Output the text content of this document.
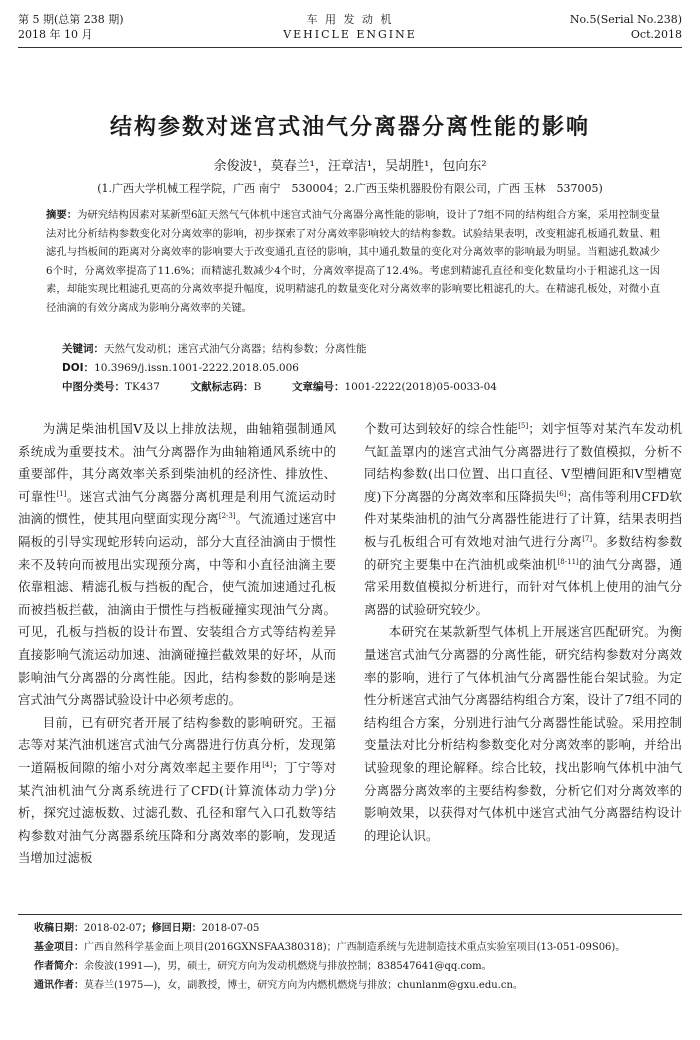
第 5 期(总第 238 期)
2018 年 10 月
车 用 发 动 机
VEHICLE ENGINE
No.5(Serial No.238)
Oct.2018
结构参数对迷宫式油气分离器分离性能的影响
余俊波¹，莫春兰¹，汪章洁¹，吴胡胜¹，包向东²
(1.广西大学机械工程学院，广西 南宁　530004；2.广西玉柴机器股份有限公司，广西 玉林　537005)
摘要：为研究结构因素对某新型6缸天然气气体机中迷宫式油气分离器分离性能的影响，设计了7组不同的结构组合方案，采用控制变量法对比分析结构参数变化对分离效率的影响，初步探索了对分离效率影响较大的结构参数。试验结果表明，改变粗滤孔板通孔数量、粗滤孔与挡板间的距离对分离效率的影响要大于改变通孔直径的影响，其中通孔数量的变化对分离效率的影响最为明显。当粗滤孔数减少6个时，分离效率提高了11.6%；而精滤孔数减少4个时，分离效率提高了12.4%。考虑到精滤孔直径和变化数量均小于粗滤孔这一因素，却能实现比粗滤孔更高的分离效率提升幅度，说明精滤孔的数量变化对分离效率的影响要比粗滤孔的大。在精滤孔板处，对微小直径油滴的有效分离成为影响分离效率的关键。
关键词：天然气发动机；迷宫式油气分离器；结构参数；分离性能
DOI：10.3969/j.issn.1001-2222.2018.05.006
中图分类号：TK437	文献标志码：B	文章编号：1001-2222(2018)05-0033-04

为满足柴油机国Ⅴ及以上排放法规，曲轴箱强制通风系统成为重要技术。油气分离器作为曲轴箱通风系统中的重要部件，其分离效率关系到柴油机的经济性、排放性、可靠性[1]。迷宫式油气分离器分离机理是利用气流运动时油滴的惯性，使其甩向壁面实现分离[2-3]。气流通过迷宫中隔板的引导实现蛇形转向运动，部分大直径油滴由于惯性来不及转向而被甩出实现预分离，中等和小直径油滴主要依靠粗滤、精滤孔板与挡板的配合，使气流加速通过孔板而被挡板拦截，油滴由于惯性与挡板碰撞实现油气分离。可见，孔板与挡板的设计布置、安装组合方式等结构差异直接影响气流运动加速、油滴碰撞拦截效果的好坏，从而影响油气分离器的分离性能。因此，结构参数的影响是迷宫式油气分离器试验设计中必须考虑的。

目前，已有研究者开展了结构参数的影响研究。王福志等对某汽油机迷宫式油气分离器进行仿真分析，发现第一道隔板间隙的缩小对分离效率起主要作用[4]；丁宁等对某汽油机油气分离系统进行了CFD(计算流体动力学)分析，探究过滤板数、过滤孔数、孔径和窜气入口孔数等结构参数对油气分离器系统压降和分离效率的影响，发现适当增加过滤板

个数可达到较好的综合性能[5]；刘宇恒等对某汽车发动机气缸盖罩内的迷宫式油气分离器进行了数值模拟，分析不同结构参数(出口位置、出口直径、V型槽间距和V型槽宽度)下分离器的分离效率和压降损失[6]；高伟等利用CFD软件对某柴油机的油气分离器性能进行了计算，结果表明挡板与孔板组合可有效地对油气进行分离[7]。多数结构参数的研究主要集中在汽油机或柴油机[8-11]的油气分离器，通常采用数值模拟分析进行，而针对气体机上使用的油气分离器的试验研究较少。

本研究在某款新型气体机上开展迷宫匹配研究。为衡量迷宫式油气分离器的分离性能，研究结构参数对分离效率的影响，进行了气体机油气分离器性能台架试验。为定性分析迷宫式油气分离器结构组合方案，设计了7组不同的结构组合方案，分别进行油气分离器性能试验。采用控制变量法对比分析结构参数变化对分离效率的影响，并给出试验现象的理论解释。综合比较，找出影响气体机中油气分离器分离效率的主要结构参数，分析它们对分离效率的影响效果，以获得对气体机中迷宫式油气分离器结构设计的理论认识。

收稿日期：2018-02-07；修回日期：2018-07-05
基金项目：广西自然科学基金面上项目(2016GXNSFAA380318)；广西制造系统与先进制造技术重点实验室项目(13-051-09S06)。
作者简介：余俊波(1991—)，男，硕士，研究方向为发动机燃烧与排放控制；838547641@qq.com。
通讯作者：莫春兰(1975—)，女，副教授，博士，研究方向为内燃机燃烧与排放；chunlanm@gxu.edu.cn。
